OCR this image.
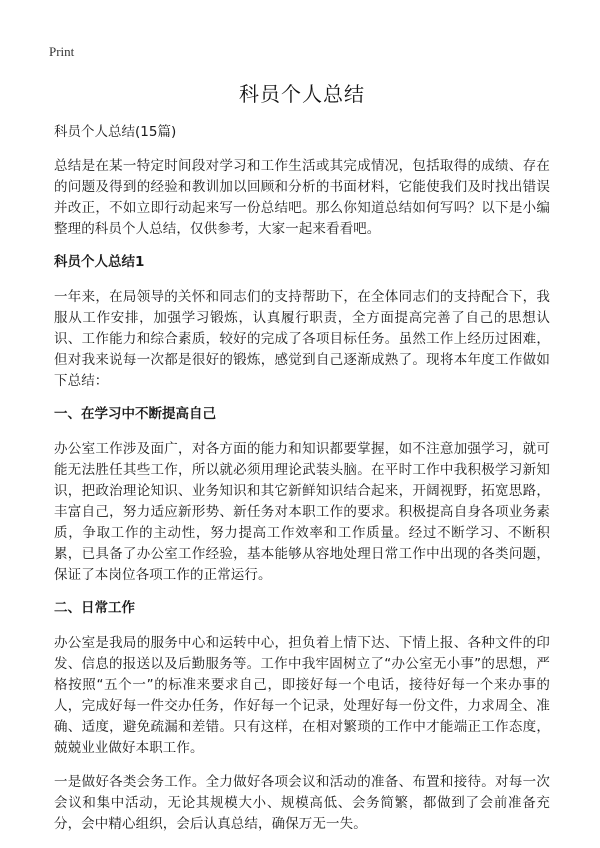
Print
科员个人总结
科员个人总结(15篇)

总结是在某一特定时间段对学习和工作生活或其完成情况，包括取得的成绩、存在的问题及得到的经验和教训加以回顾和分析的书面材料，它能使我们及时找出错误并改正，不如立即行动起来写一份总结吧。那么你知道总结如何写吗？以下是小编整理的科员个人总结，仅供参考，大家一起来看看吧。

科员个人总结1

一年来，在局领导的关怀和同志们的支持帮助下，在全体同志们的支持配合下，我服从工作安排，加强学习锻炼，认真履行职责，全方面提高完善了自己的思想认识、工作能力和综合素质，较好的完成了各项目标任务。虽然工作上经历过困难，但对我来说每一次都是很好的锻炼，感觉到自己逐渐成熟了。现将本年度工作做如下总结：

一、在学习中不断提高自己

办公室工作涉及面广，对各方面的能力和知识都要掌握，如不注意加强学习，就可能无法胜任其些工作，所以就必须用理论武装头脑。在平时工作中我积极学习新知识，把政治理论知识、业务知识和其它新鲜知识结合起来，开阔视野，拓宽思路，丰富自己，努力适应新形势、新任务对本职工作的要求。积极提高自身各项业务素质，争取工作的主动性，努力提高工作效率和工作质量。经过不断学习、不断积累，已具备了办公室工作经验，基本能够从容地处理日常工作中出现的各类问题，保证了本岗位各项工作的正常运行。

二、日常工作

办公室是我局的服务中心和运转中心，担负着上情下达、下情上报、各种文件的印发、信息的报送以及后勤服务等。工作中我牢固树立了“办公室无小事”的思想，严格按照“五个一”的标准来要求自己，即接好每一个电话，接待好每一个来办事的人，完成好每一件交办任务，作好每一个记录，处理好每一份文件，力求周全、准确、适度，避免疏漏和差错。只有这样，在相对繁琐的工作中才能端正工作态度，兢兢业业做好本职工作。

一是做好各类会务工作。全力做好各项会议和活动的准备、布置和接待。对每一次会议和集中活动，无论其规模大小、规模高低、会务简繁，都做到了会前准备充分，会中精心组织，会后认真总结，确保万无一失。
